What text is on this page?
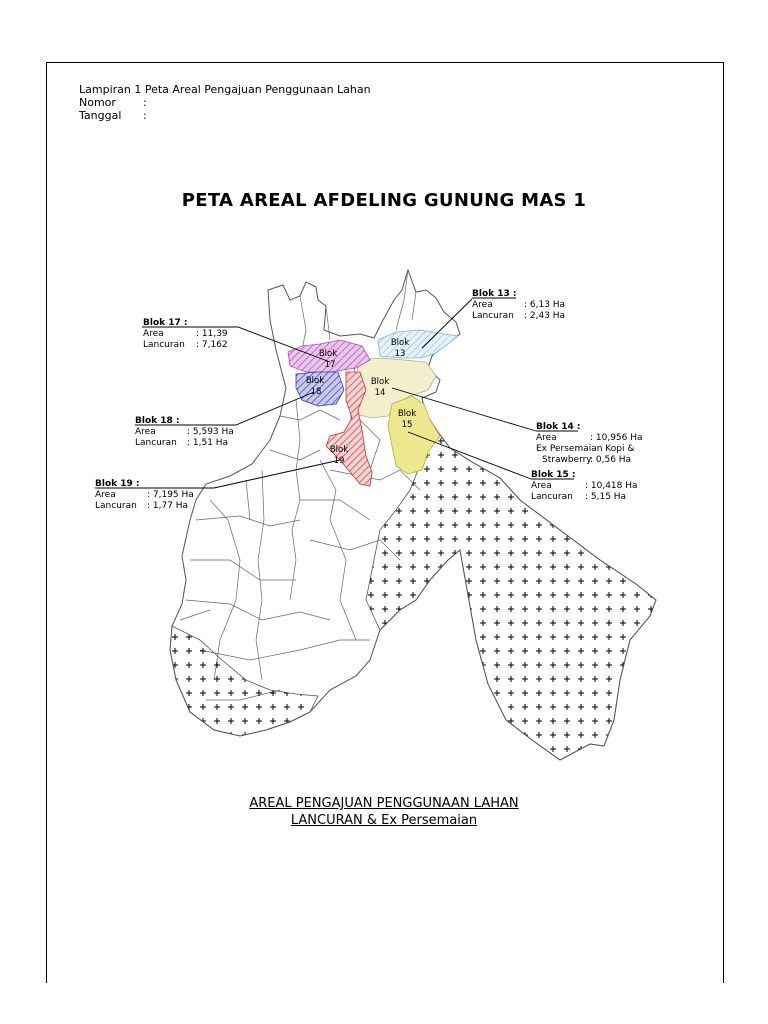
Lampiran 1 Peta Areal Pengajuan Penggunaan Lahan
Nomor	:
Tanggal	:
PETA AREAL AFDELING GUNUNG MAS 1
Blok
13
Blok
17
Blok
18
Blok
14
Blok
15
Blok
19
Blok 13 :
Area	: 6,13 Ha
Lancuran : 2,43 Ha
Blok 17 :
Area	: 11,39
Lancuran : 7,162
Blok 18 :
Area	: 5,593 Ha
Lancuran : 1,51 Ha
Blok 19 :
Area	: 7,195 Ha
Lancuran : 1,77 Ha
Blok 14 :
Area	: 10,956 Ha
Ex Persemaian Kopi &
Strawberry
: 0,56 Ha
Blok 15 :
Area	: 10,418 Ha
Lancuran : 5,15 Ha
AREAL PENGAJUAN PENGGUNAAN LAHAN
LANCURAN & Ex Persemaian
